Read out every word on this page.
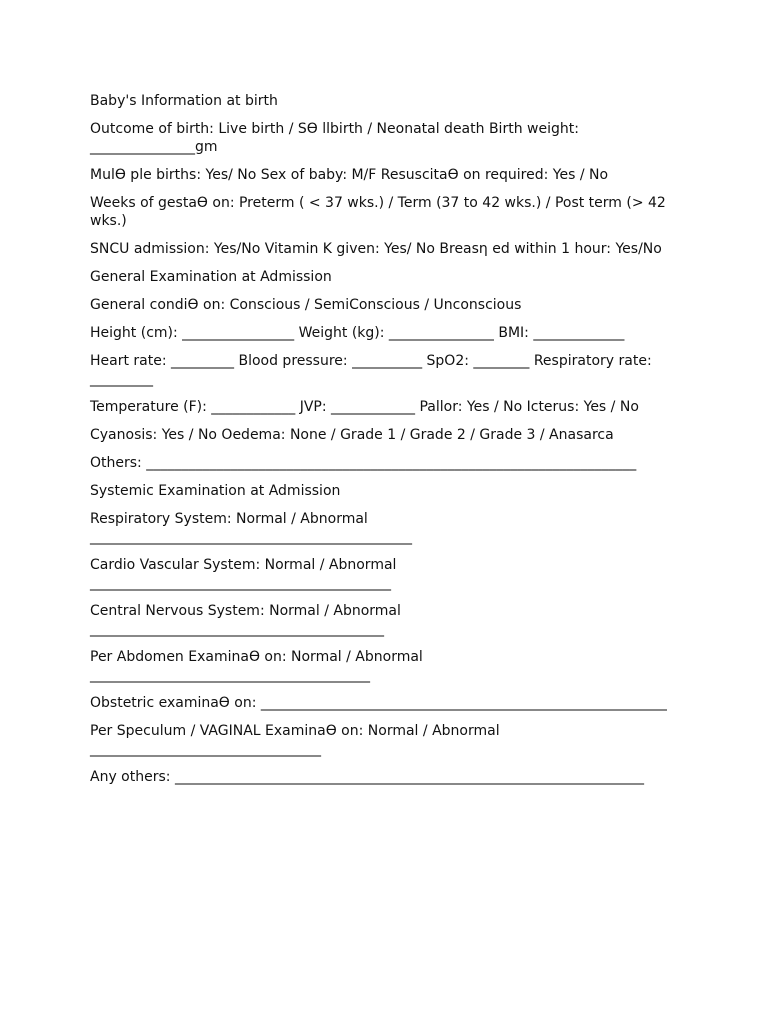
Baby's Information at birth
Outcome of birth: Live birth / Sϴ llbirth / Neonatal death Birth weight: _______________gm
Mulϴ ple births: Yes/ No Sex of baby: M/F Resuscitaϴ on required: Yes / No
Weeks of gestaϴ on: Preterm ( < 37 wks.) / Term (37 to 42 wks.) / Post term (> 42 wks.)
SNCU admission: Yes/No Vitamin K given: Yes/ No Breasη ed within 1 hour: Yes/No
General Examination at Admission
General condiϴ on: Conscious / SemiConscious / Unconscious
Height (cm): ________________ Weight (kg): _______________ BMI: _____________
Heart rate: _________ Blood pressure: __________ SpO2: ________ Respiratory rate: _________
Temperature (F): ____________ JVP: ____________ Pallor: Yes / No Icterus: Yes / No
Cyanosis: Yes / No Oedema: None / Grade 1 / Grade 2 / Grade 3 / Anasarca
Others: ______________________________________________________________________
Systemic Examination at Admission
Respiratory System: Normal / Abnormal ______________________________________________
Cardio Vascular System: Normal / Abnormal ___________________________________________
Central Nervous System: Normal / Abnormal __________________________________________
Per Abdomen Examinaϴ on: Normal / Abnormal ________________________________________
Obstetric examinaϴ on: __________________________________________________________
Per Speculum / VAGINAL Examinaϴ on: Normal / Abnormal _________________________________
Any others: ___________________________________________________________________
